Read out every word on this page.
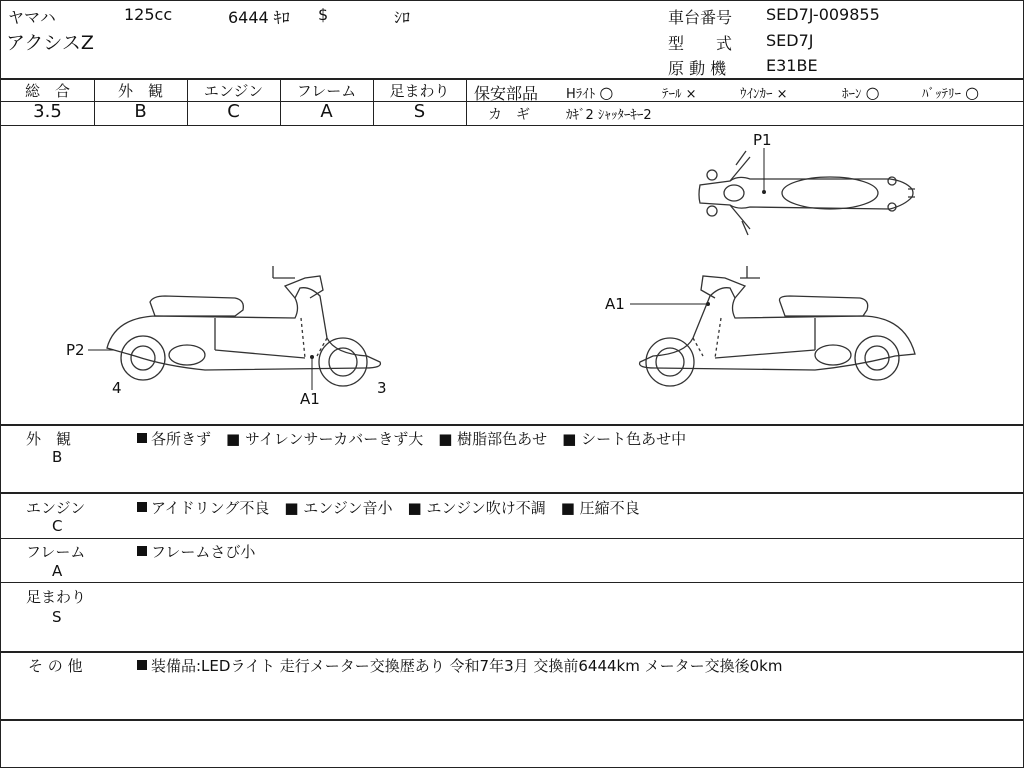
ヤマハ	125cc	6444 ｷﾛ $	ｼﾛ
アクシスZ
車台番号 SED7J-009855
型　　式 SED7J
原 動 機 E31BE
総　合
3.5
外　観
B
エンジン
C
フレーム
A
足まわり
S
保安部品 Hﾗｲﾄ ○	ﾃｰﾙ ×	ｳｲﾝｶｰ ×	ﾎｰﾝ ○	ﾊﾞｯﾃﾘｰ ○
カ　ギ	ｶｷﾞ2 ｼｬｯﾀｰｷｰ2
P1
P2
A1
4	3
A1
外　観
B
各所きず　■ サイレンサーカバーきず大　■ 樹脂部色あせ　■ シート色あせ中
エンジン
C
アイドリング不良　■ エンジン音小　■ エンジン吹け不調　■ 圧縮不良
フレーム
A
フレームさび小
足まわり
S
そ の 他	装備品:LEDライト 走行メーター交換歴あり 令和7年3月 交換前6444km メーター交換後0km
